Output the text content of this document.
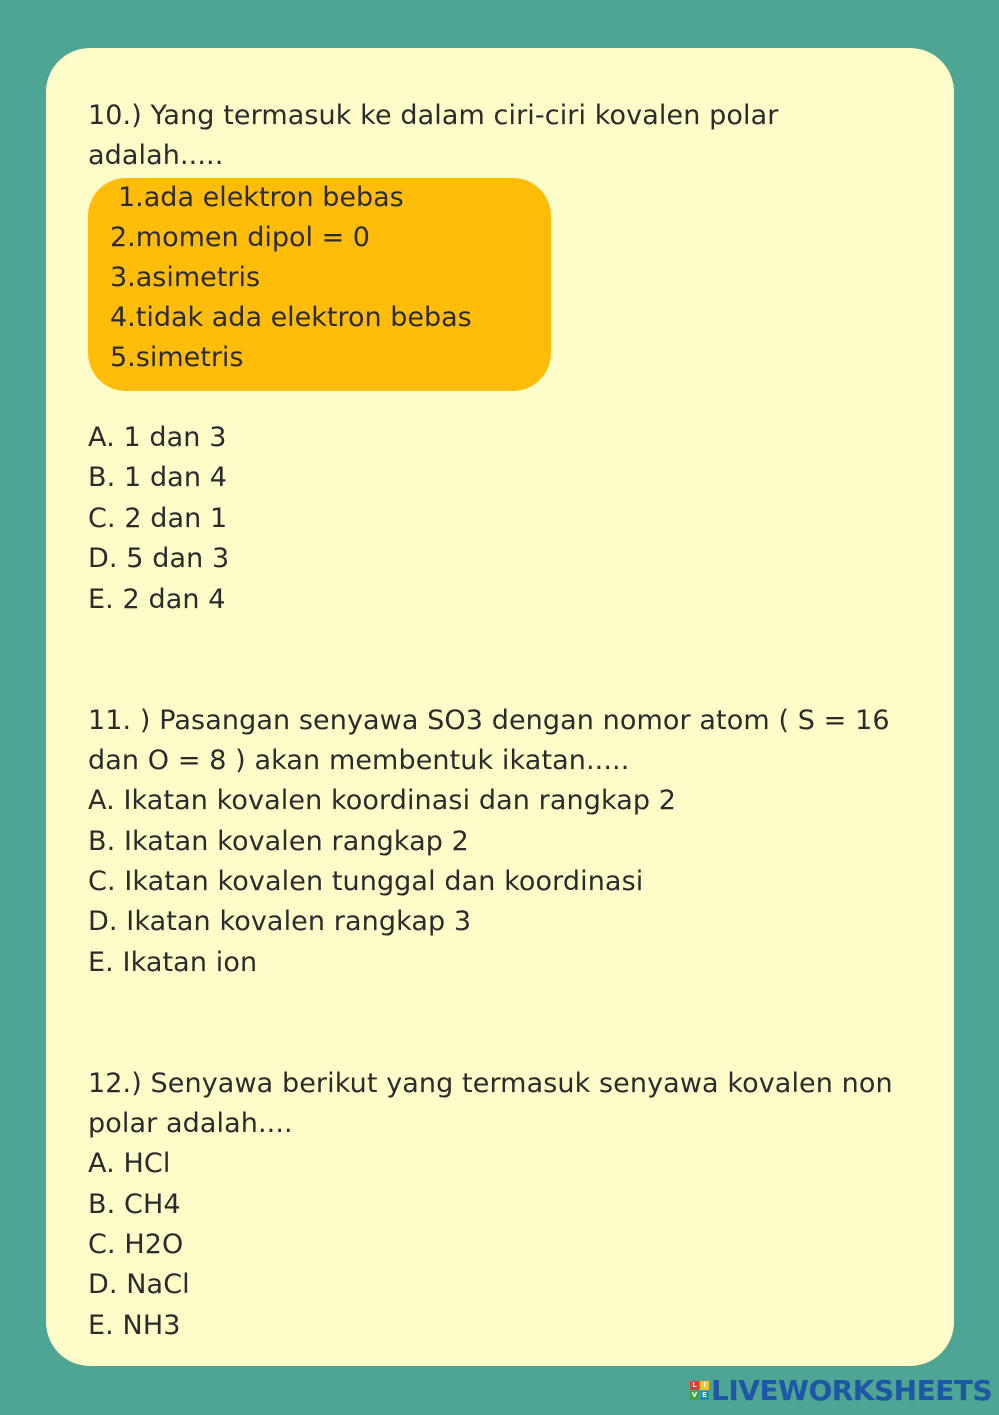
10.) Yang termasuk ke dalam ciri-ciri kovalen polar
adalah.....
1.ada elektron bebas
2.momen dipol = 0
3.asimetris
4.tidak ada elektron bebas
5.simetris
A. 1 dan 3
B. 1 dan 4
C. 2 dan 1
D. 5 dan 3
E. 2 dan 4
11. ) Pasangan senyawa SO3 dengan nomor atom ( S = 16
dan O = 8 ) akan membentuk ikatan.....
A. Ikatan kovalen koordinasi dan rangkap 2
B. Ikatan kovalen rangkap 2
C. Ikatan kovalen tunggal dan koordinasi
D. Ikatan kovalen rangkap 3
E. Ikatan ion
12.) Senyawa berikut yang termasuk senyawa kovalen non
polar adalah....
A. HCl
B. CH4
C. H2O
D. NaCl
E. NH3
L I
V E LIVEWORKSHEETS
